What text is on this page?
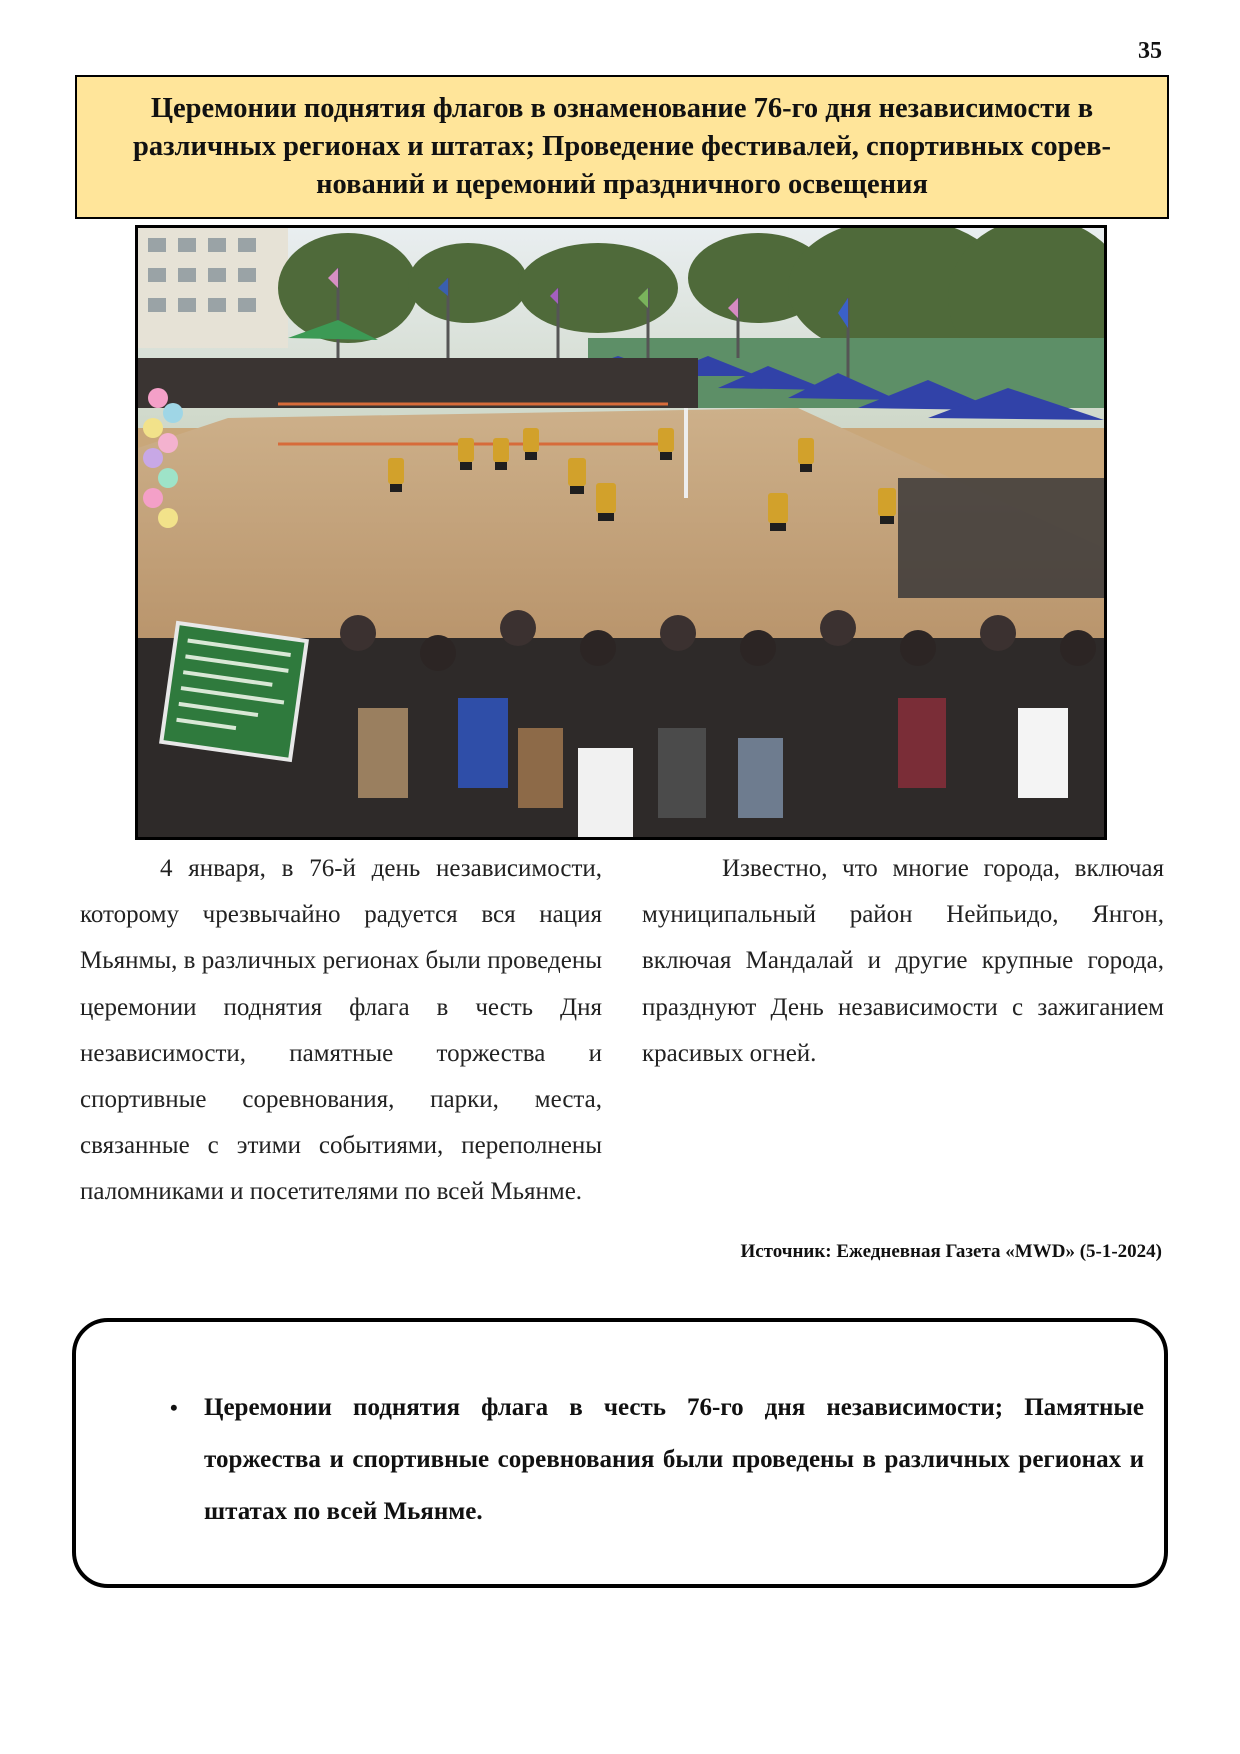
35
Церемонии поднятия флагов в ознаменование 76-го дня независимости в различных регионах и штатах; Проведение фестивалей, спортивных соревнований и церемоний праздничного освещения

4 января, в 76-й день независимости, которому чрезвычайно радуется вся нация Мьянмы, в различных регионах были проведены церемонии поднятия флага в честь Дня независимости, памятные торжества и спортивные соревнования, парки, места, связанные с этими событиями, переполнены паломниками и посетителями по всей Мьянме.

Известно, что многие города, включая муниципальный район Нейпьидо, Янгон, включая Мандалай и другие крупные города, празднуют День независимости с зажиганием красивых огней.

Источник: Ежедневная Газета «MWD» (5-1-2024)
• Церемонии поднятия флага в честь 76-го дня независимости; Памятные торжества и спортивные соревнования были проведены в различных регионах и штатах по всей Мьянме.
